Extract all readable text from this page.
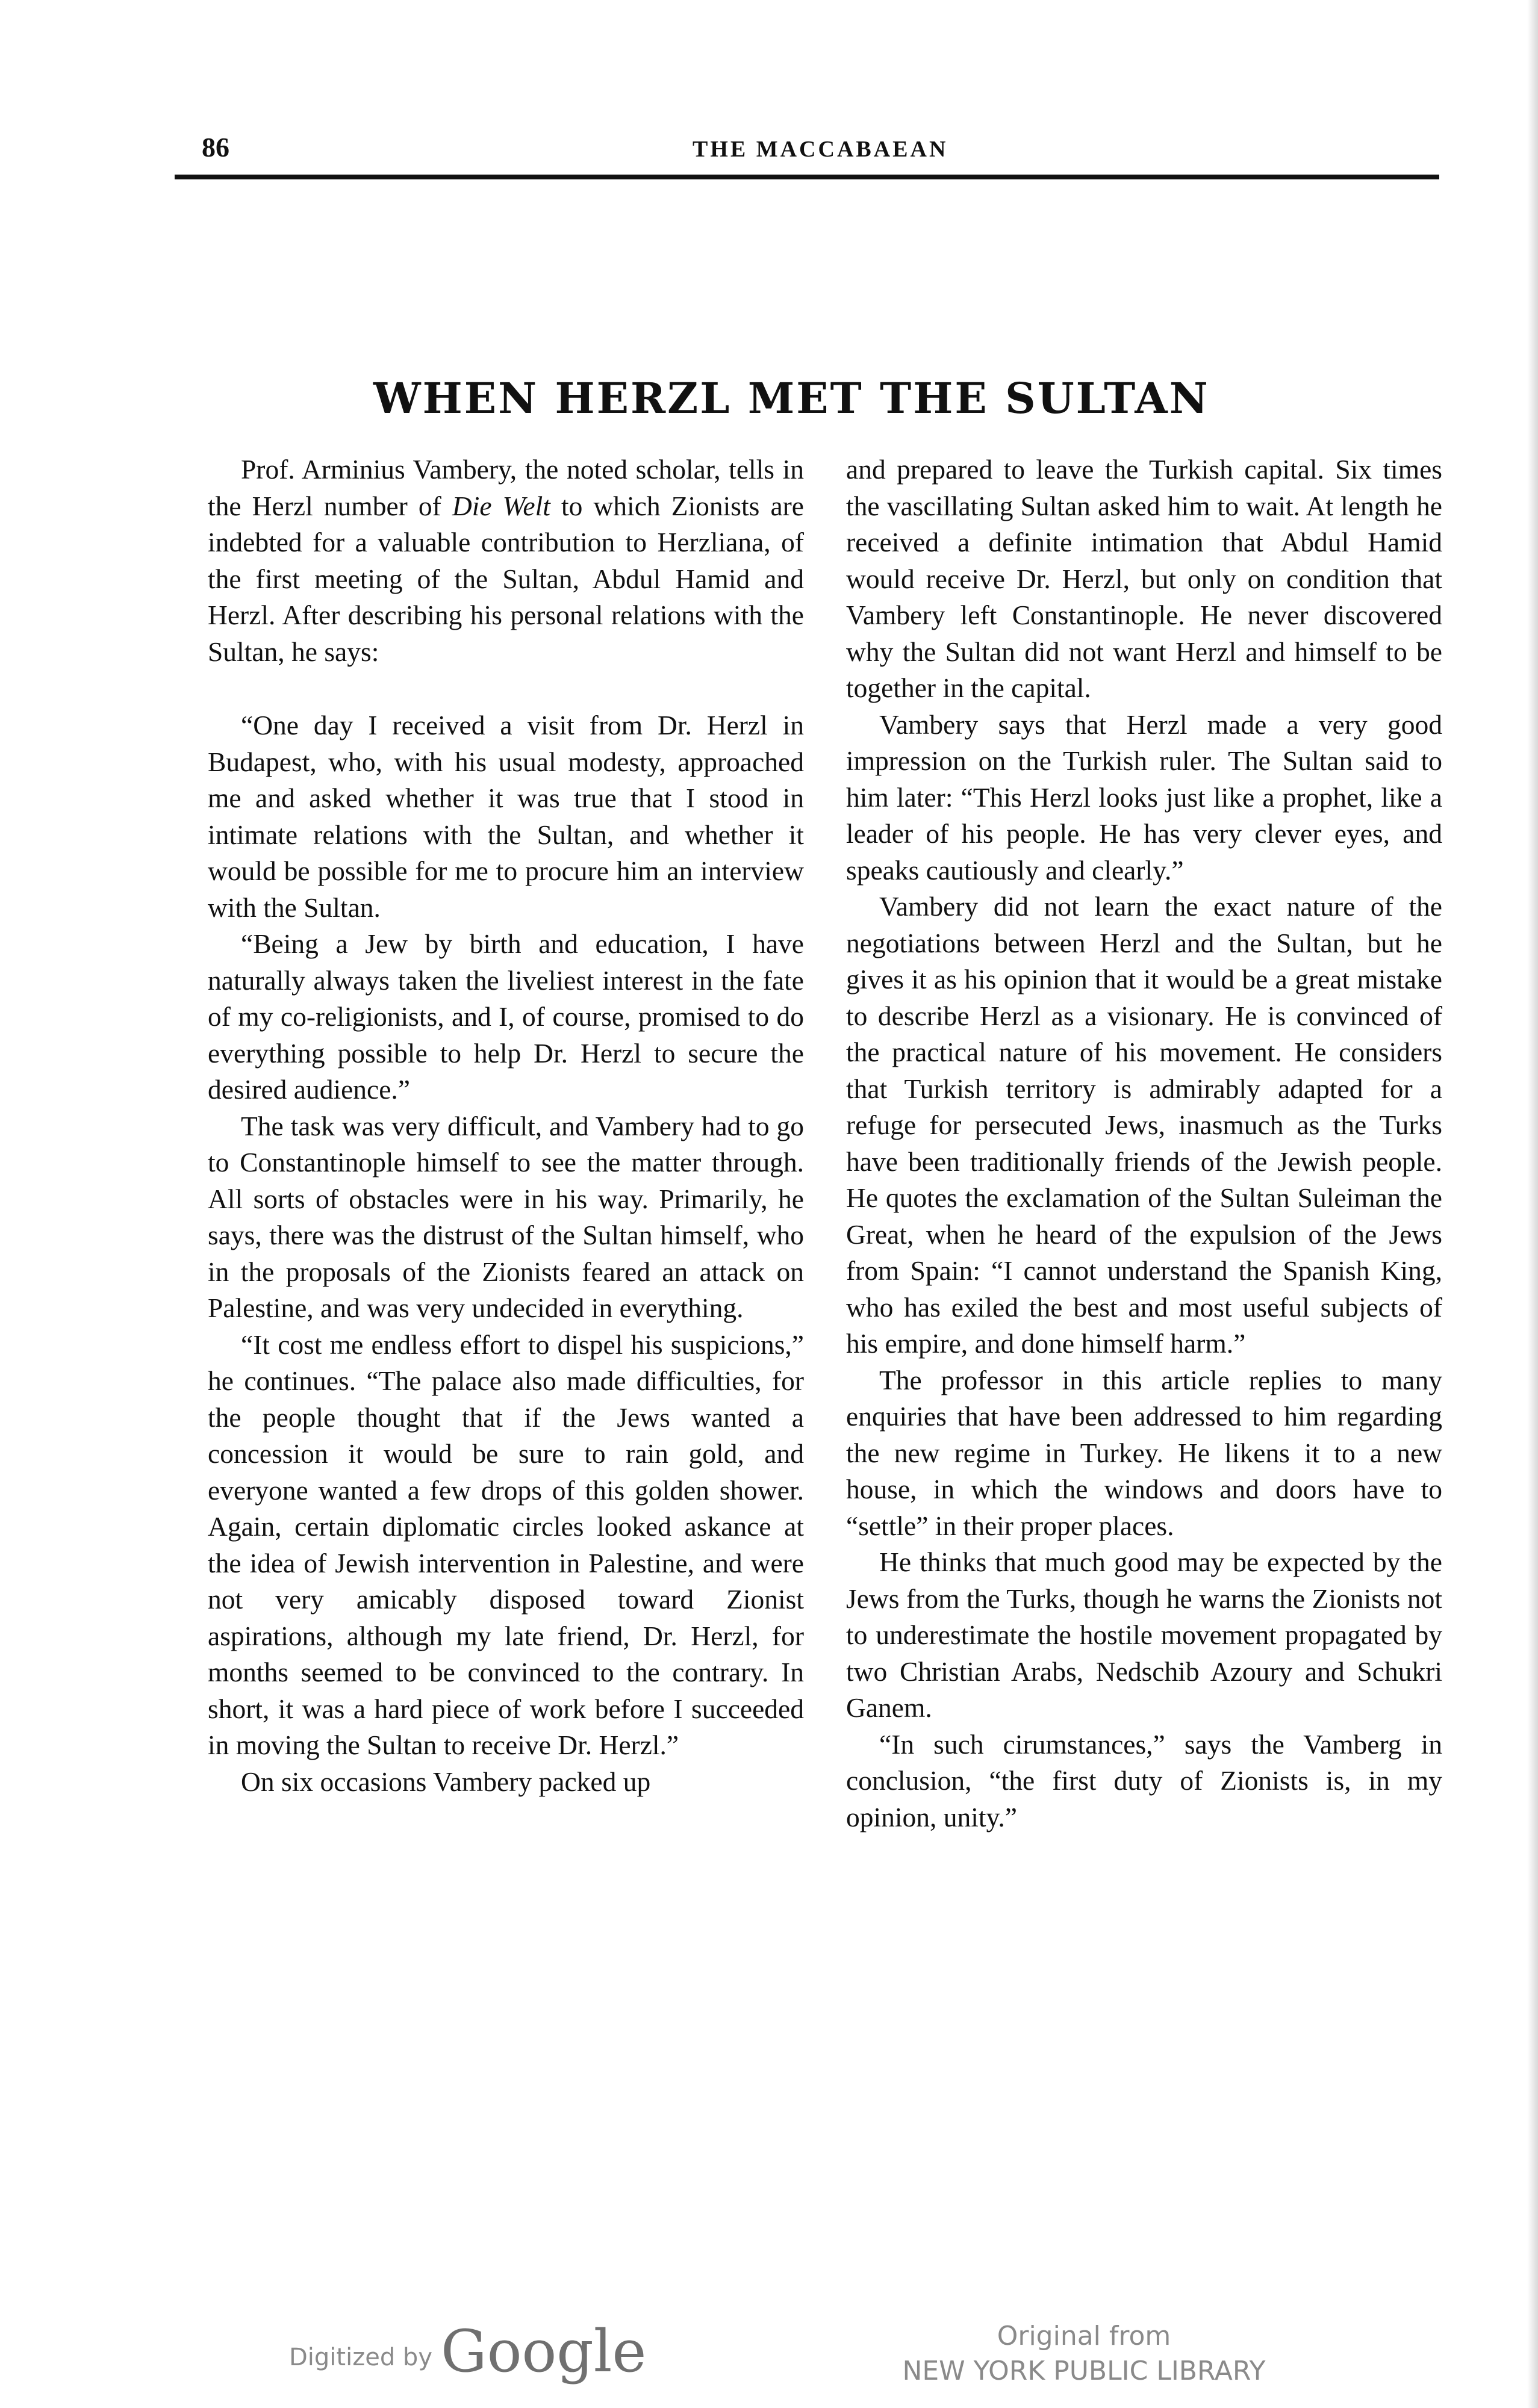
86	THE MACCABAEAN
WHEN HERZL MET THE SULTAN

Prof. Arminius Vambery, the noted scholar, tells in the Herzl number of Die Welt to which Zionists are indebted for a valuable contribution to Herzliana, of the first meeting of the Sultan, Abdul Hamid and Herzl. After describing his personal relations with the Sultan, he says:

“One day I received a visit from Dr. Herzl in Budapest, who, with his usual modesty, approached me and asked whether it was true that I stood in intimate relations with the Sultan, and whether it would be possible for me to procure him an interview with the Sultan.

“Being a Jew by birth and education, I have naturally always taken the liveliest interest in the fate of my co-religionists, and I, of course, promised to do everything possible to help Dr. Herzl to secure the desired audience.”

The task was very difficult, and Vambery had to go to Constantinople himself to see the matter through. All sorts of obstacles were in his way. Primarily, he says, there was the distrust of the Sultan himself, who in the proposals of the Zionists feared an attack on Palestine, and was very undecided in everything.

“It cost me endless effort to dispel his suspicions,” he continues. “The palace also made difficulties, for the people thought that if the Jews wanted a concession it would be sure to rain gold, and everyone wanted a few drops of this golden shower. Again, certain diplomatic circles looked askance at the idea of Jewish intervention in Palestine, and were not very amicably disposed toward Zionist aspirations, although my late friend, Dr. Herzl, for months seemed to be convinced to the contrary. In short, it was a hard piece of work before I succeeded in moving the Sultan to receive Dr. Herzl.”

On six occasions Vambery packed up

and prepared to leave the Turkish capital. Six times the vascillating Sultan asked him to wait. At length he received a definite intimation that Abdul Hamid would receive Dr. Herzl, but only on condition that Vambery left Constantinople. He never discovered why the Sultan did not want Herzl and himself to be together in the capital.

Vambery says that Herzl made a very good impression on the Turkish ruler. The Sultan said to him later: “This Herzl looks just like a prophet, like a leader of his people. He has very clever eyes, and speaks cautiously and clearly.”

Vambery did not learn the exact nature of the negotiations between Herzl and the Sultan, but he gives it as his opinion that it would be a great mistake to describe Herzl as a visionary. He is convinced of the practical nature of his movement. He considers that Turkish territory is admirably adapted for a refuge for persecuted Jews, inasmuch as the Turks have been traditionally friends of the Jewish people. He quotes the exclamation of the Sultan Suleiman the Great, when he heard of the expulsion of the Jews from Spain: “I cannot understand the Spanish King, who has exiled the best and most useful subjects of his empire, and done himself harm.”

The professor in this article replies to many enquiries that have been addressed to him regarding the new regime in Turkey. He likens it to a new house, in which the windows and doors have to “settle” in their proper places.

He thinks that much good may be expected by the Jews from the Turks, though he warns the Zionists not to underestimate the hostile movement propagated by two Christian Arabs, Nedschib Azoury and Schukri Ganem.

“In such cirumstances,” says the Vamberg in conclusion, “the first duty of Zionists is, in my opinion, unity.”

Digitized by Google	Original from
NEW YORK PUBLIC LIBRARY
